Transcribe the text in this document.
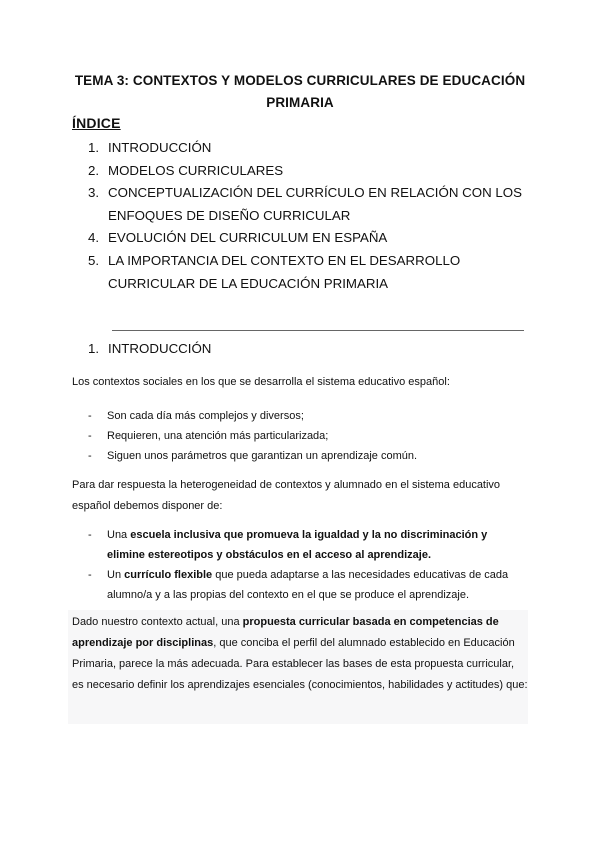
TEMA 3: CONTEXTOS Y MODELOS CURRICULARES DE EDUCACIÓN
PRIMARIA
ÍNDICE
1. INTRODUCCIÓN
2. MODELOS CURRICULARES
3. CONCEPTUALIZACIÓN DEL CURRÍCULO EN RELACIÓN CON LOS ENFOQUES DE DISEÑO CURRICULAR
4. EVOLUCIÓN DEL CURRICULUM EN ESPAÑA
5. LA IMPORTANCIA DEL CONTEXTO EN EL DESARROLLO CURRICULAR DE LA EDUCACIÓN PRIMARIA
1. INTRODUCCIÓN

Los contextos sociales en los que se desarrolla el sistema educativo español:

- Son cada día más complejos y diversos;
- Requieren, una atención más particularizada;
- Siguen unos parámetros que garantizan un aprendizaje común.

Para dar respuesta la heterogeneidad de contextos y alumnado en el sistema educativo español debemos disponer de:

- Una escuela inclusiva que promueva la igualdad y la no discriminación y elimine estereotipos y obstáculos en el acceso al aprendizaje.
- Un currículo flexible que pueda adaptarse a las necesidades educativas de cada alumno/a y a las propias del contexto en el que se produce el aprendizaje.

Dado nuestro contexto actual, una propuesta curricular basada en competencias de aprendizaje por disciplinas, que conciba el perfil del alumnado establecido en Educación Primaria, parece la más adecuada. Para establecer las bases de esta propuesta curricular, es necesario definir los aprendizajes esenciales (conocimientos, habilidades y actitudes) que:
